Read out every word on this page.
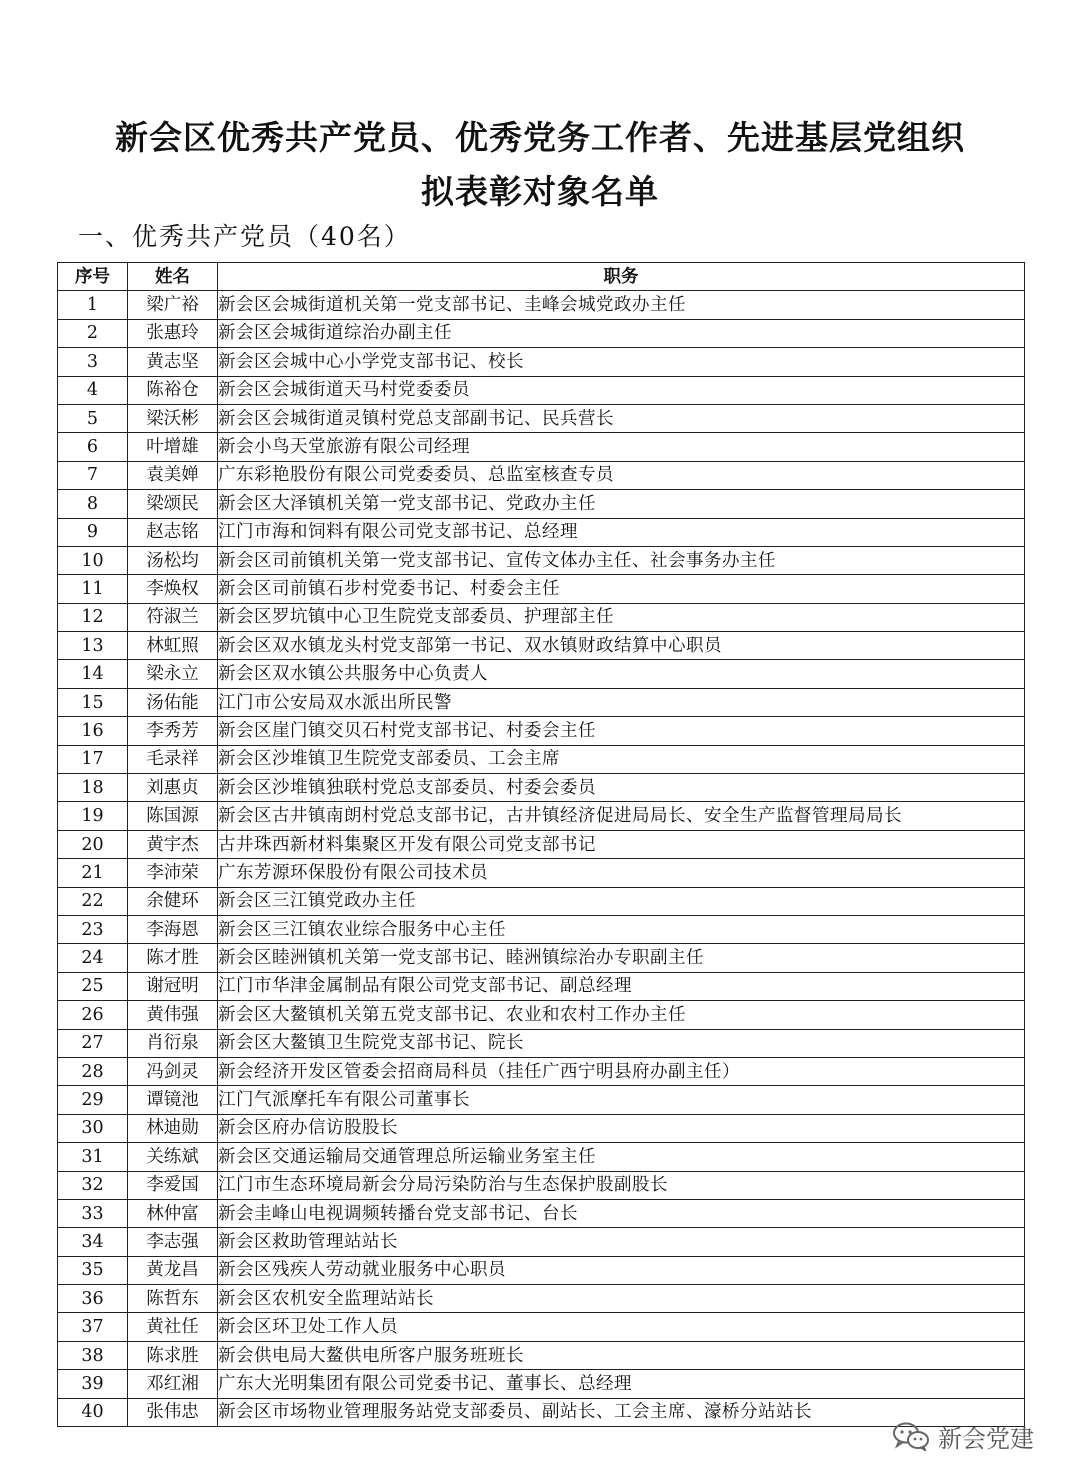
新会区优秀共产党员、优秀党务工作者、先进基层党组织
拟表彰对象名单
一、优秀共产党员（40名）
序号	姓名	职务
1	梁广裕	新会区会城街道机关第一党支部书记、圭峰会城党政办主任
2	张惠玲	新会区会城街道综治办副主任
3	黄志坚	新会区会城中心小学党支部书记、校长
4	陈裕仓	新会区会城街道天马村党委委员
5	梁沃彬	新会区会城街道灵镇村党总支部副书记、民兵营长
6	叶增雄	新会小鸟天堂旅游有限公司经理
7	袁美婵	广东彩艳股份有限公司党委委员、总监室核查专员
8	梁颂民	新会区大泽镇机关第一党支部书记、党政办主任
9	赵志铭	江门市海和饲料有限公司党支部书记、总经理
10	汤松均	新会区司前镇机关第一党支部书记、宣传文体办主任、社会事务办主任
11	李焕权	新会区司前镇石步村党委书记、村委会主任
12	符淑兰	新会区罗坑镇中心卫生院党支部委员、护理部主任
13	林虹照	新会区双水镇龙头村党支部第一书记、双水镇财政结算中心职员
14	梁永立	新会区双水镇公共服务中心负责人
15	汤佑能	江门市公安局双水派出所民警
16	李秀芳	新会区崖门镇交贝石村党支部书记、村委会主任
17	毛录祥	新会区沙堆镇卫生院党支部委员、工会主席
18	刘惠贞	新会区沙堆镇独联村党总支部委员、村委会委员
19	陈国源	新会区古井镇南朗村党总支部书记，古井镇经济促进局局长、安全生产监督管理局局长
20	黄宇杰	古井珠西新材料集聚区开发有限公司党支部书记
21	李沛荣	广东芳源环保股份有限公司技术员
22	余健环	新会区三江镇党政办主任
23	李海恩	新会区三江镇农业综合服务中心主任
24	陈才胜	新会区睦洲镇机关第一党支部书记、睦洲镇综治办专职副主任
25	谢冠明	江门市华津金属制品有限公司党支部书记、副总经理
26	黄伟强	新会区大鳌镇机关第五党支部书记、农业和农村工作办主任
27	肖衍泉	新会区大鳌镇卫生院党支部书记、院长
28	冯剑灵	新会经济开发区管委会招商局科员（挂任广西宁明县府办副主任）
29	谭镜池	江门气派摩托车有限公司董事长
30	林迪勋	新会区府办信访股股长
31	关练斌	新会区交通运输局交通管理总所运输业务室主任
32	李爱国	江门市生态环境局新会分局污染防治与生态保护股副股长
33	林仲富	新会圭峰山电视调频转播台党支部书记、台长
34	李志强	新会区救助管理站站长
35	黄龙昌	新会区残疾人劳动就业服务中心职员
36	陈哲东	新会区农机安全监理站站长
37	黄社任	新会区环卫处工作人员
38	陈求胜	新会供电局大鳌供电所客户服务班班长
39	邓红湘	广东大光明集团有限公司党委书记、董事长、总经理
40	张伟忠	新会区市场物业管理服务站党支部委员、副站长、工会主席、濠桥分站站长
新会党建
